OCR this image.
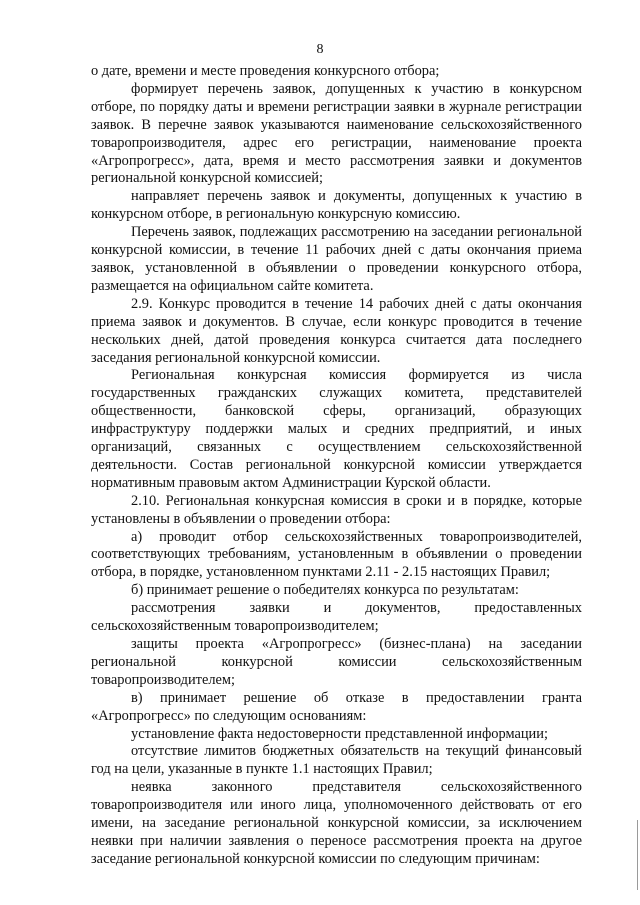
8

о дате, времени и месте проведения конкурсного отбора;

формирует перечень заявок, допущенных к участию в конкурсном отборе, по порядку даты и времени регистрации заявки в журнале регистрации заявок. В перечне заявок указываются наименование сельскохозяйственного товаропроизводителя, адрес его регистрации, наименование проекта «Агропрогресс», дата, время и место рассмотрения заявки и документов региональной конкурсной комиссией;

направляет перечень заявок и документы, допущенных к участию в конкурсном отборе, в региональную конкурсную комиссию.

Перечень заявок, подлежащих рассмотрению на заседании региональной конкурсной комиссии, в течение 11 рабочих дней с даты окончания приема заявок, установленной в объявлении о проведении конкурсного отбора, размещается на официальном сайте комитета.

2.9. Конкурс проводится в течение 14 рабочих дней с даты окончания приема заявок и документов. В случае, если конкурс проводится в течение нескольких дней, датой проведения конкурса считается дата последнего заседания региональной конкурсной комиссии.

Региональная конкурсная комиссия формируется из числа государственных гражданских служащих комитета, представителей общественности, банковской сферы, организаций, образующих инфраструктуру поддержки малых и средних предприятий, и иных организаций, связанных с осуществлением сельскохозяйственной деятельности. Состав региональной конкурсной комиссии утверждается нормативным правовым актом Администрации Курской области.

2.10. Региональная конкурсная комиссия в сроки и в порядке, которые установлены в объявлении о проведении отбора:

а) проводит отбор сельскохозяйственных товаропроизводителей, соответствующих требованиям, установленным в объявлении о проведении отбора, в порядке, установленном пунктами 2.11 - 2.15 настоящих Правил;

б) принимает решение о победителях конкурса по результатам:

рассмотрения заявки и документов, предоставленных сельскохозяйственным товаропроизводителем;

защиты проекта «Агропрогресс» (бизнес-плана) на заседании региональной конкурсной комиссии сельскохозяйственным товаропроизводителем;

в) принимает решение об отказе в предоставлении гранта «Агропрогресс» по следующим основаниям:

установление факта недостоверности представленной информации;

отсутствие лимитов бюджетных обязательств на текущий финансовый год на цели, указанные в пункте 1.1 настоящих Правил;

неявка законного представителя сельскохозяйственного товаропроизводителя или иного лица, уполномоченного действовать от его имени, на заседание региональной конкурсной комиссии, за исключением неявки при наличии заявления о переносе рассмотрения проекта на другое заседание региональной конкурсной комиссии по следующим причинам:
